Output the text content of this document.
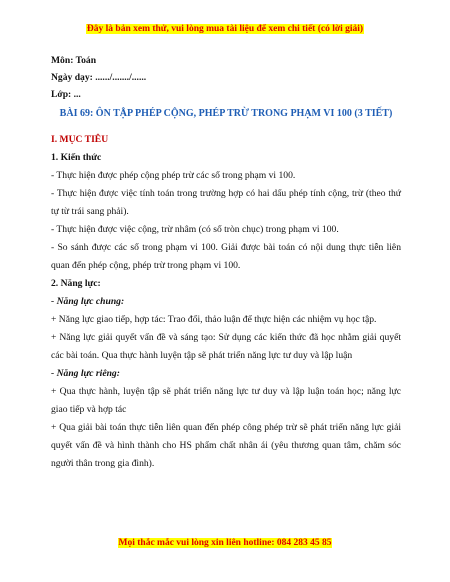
Đây là bản xem thử, vui lòng mua tài liệu để xem chi tiết (có lời giải)
Môn: Toán
Ngày dạy: ....../......./......
Lớp: ...
BÀI 69: ÔN TẬP PHÉP CỘNG, PHÉP TRỪ TRONG PHẠM VI 100 (3 TIẾT)
I. MỤC TIÊU
1. Kiến thức

- Thực hiện được phép cộng phép trừ các số trong phạm vi 100.

- Thực hiện được việc tính toán trong trường hợp có hai dấu phép tính cộng, trừ (theo thứ tự từ trái sang phải).

- Thực hiện được việc cộng, trừ nhâm (có số tròn chục) trong phạm vi 100.

- So sánh được các số trong phạm vi 100. Giải được bài toán có nội dung thực tiễn liên quan đến phép cộng, phép trừ trong phạm vi 100.

2. Năng lực:
- Năng lực chung:

+ Năng lực giao tiếp, hợp tác: Trao đổi, thảo luận để thực hiện các nhiệm vụ học tập.

+ Năng lực giải quyết vấn đề và sáng tạo: Sử dụng các kiến thức đã học nhằm giải quyết các bài toán. Qua thực hành luyện tập sẽ phát triển năng lực tư duy và lập luận

- Năng lực riêng:

+ Qua thực hành, luyện tập sẽ phát triển năng lực tư duy và lập luận toán học; năng lực giao tiếp và hợp tác

+ Qua giải bài toán thực tiễn liên quan đến phép công phép trừ sẽ phát triển năng lực giải quyết vấn đề và hình thành cho HS phẩm chất nhân ái (yêu thương quan tâm, chăm sóc người thân trong gia đình).

Mọi thắc mắc vui lòng xin liên hotline: 084 283 45 85
